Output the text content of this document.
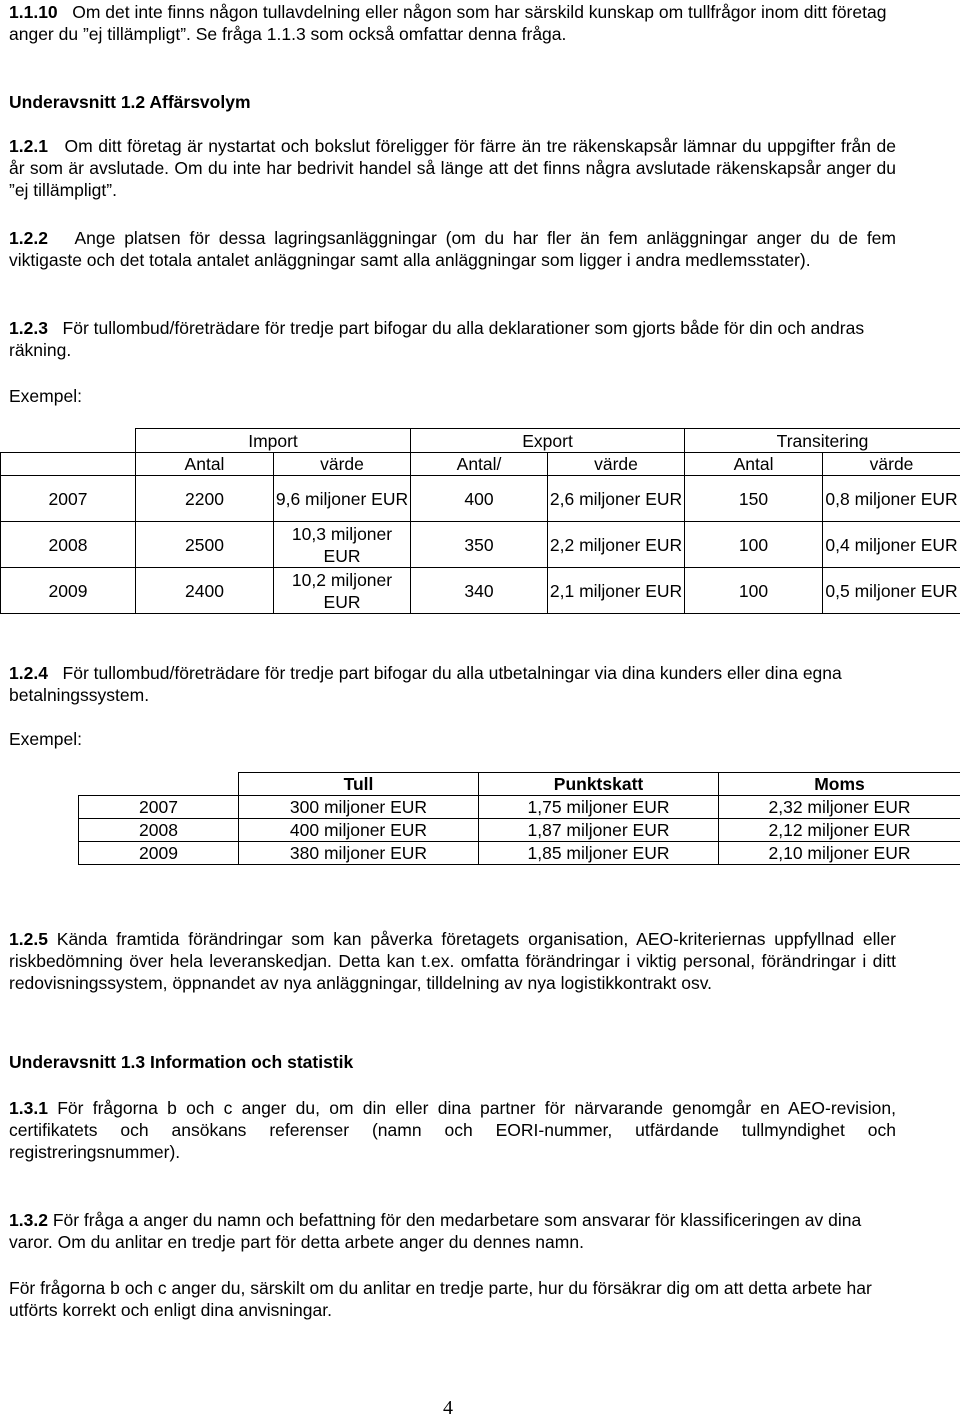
1.1.10 Om det inte finns någon tullavdelning eller någon som har särskild kunskap om tullfrågor inom ditt företag anger du ”ej tillämpligt”. Se fråga 1.1.3 som också omfattar denna fråga.

Underavsnitt 1.2 Affärsvolym

1.2.1 Om ditt företag är nystartat och bokslut föreligger för färre än tre räkenskapsår lämnar du uppgifter från de år som är avslutade. Om du inte har bedrivit handel så länge att det finns några avslutade räkenskapsår anger du ”ej tillämpligt”.

1.2.2 Ange platsen för dessa lagringsanläggningar (om du har fler än fem anläggningar anger du de fem viktigaste och det totala antalet anläggningar samt alla anläggningar som ligger i andra medlemsstater).

1.2.3 För tullombud/företrädare för tredje part bifogar du alla deklarationer som gjorts både för din och andras räkning.

Exempel:

1.2.4 För tullombud/företrädare för tredje part bifogar du alla utbetalningar via dina kunders eller dina egna betalningssystem.

Exempel:

1.2.5 Kända framtida förändringar som kan påverka företagets organisation, AEO-kriteriernas uppfyllnad eller riskbedömning över hela leveranskedjan. Detta kan t.ex. omfatta förändringar i viktig personal, förändringar i ditt redovisningssystem, öppnandet av nya anläggningar, tilldelning av nya logistikkontrakt osv.

Underavsnitt 1.3 Information och statistik

1.3.1 För frågorna b och c anger du, om din eller dina partner för närvarande genomgår en AEO-revision, certifikatets och ansökans referenser (namn och EORI-nummer, utfärdande tullmyndighet och registreringsnummer).

1.3.2 För fråga a anger du namn och befattning för den medarbetare som ansvarar för klassificeringen av dina varor. Om du anlitar en tredje part för detta arbete anger du dennes namn.

För frågorna b och c anger du, särskilt om du anlitar en tredje parte, hur du försäkrar dig om att detta arbete har utförts korrekt och enligt dina anvisningar.

4

	Import		Export		Transitering	
	Antal	värde	Antal/	värde	Antal	värde
2007	2200	9,6 miljoner EUR	400	2,6 miljoner EUR	150	0,8 miljoner EUR
2008	2500	10,3 miljoner EUR	350	2,2 miljoner EUR	100	0,4 miljoner EUR
2009	2400	10,2 miljoner EUR	340	2,1 miljoner EUR	100	0,5 miljoner EUR
	Tull	Punktskatt	Moms
2007	300 miljoner EUR	1,75 miljoner EUR	2,32 miljoner EUR
2008	400 miljoner EUR	1,87 miljoner EUR	2,12 miljoner EUR
2009	380 miljoner EUR	1,85 miljoner EUR	2,10 miljoner EUR
